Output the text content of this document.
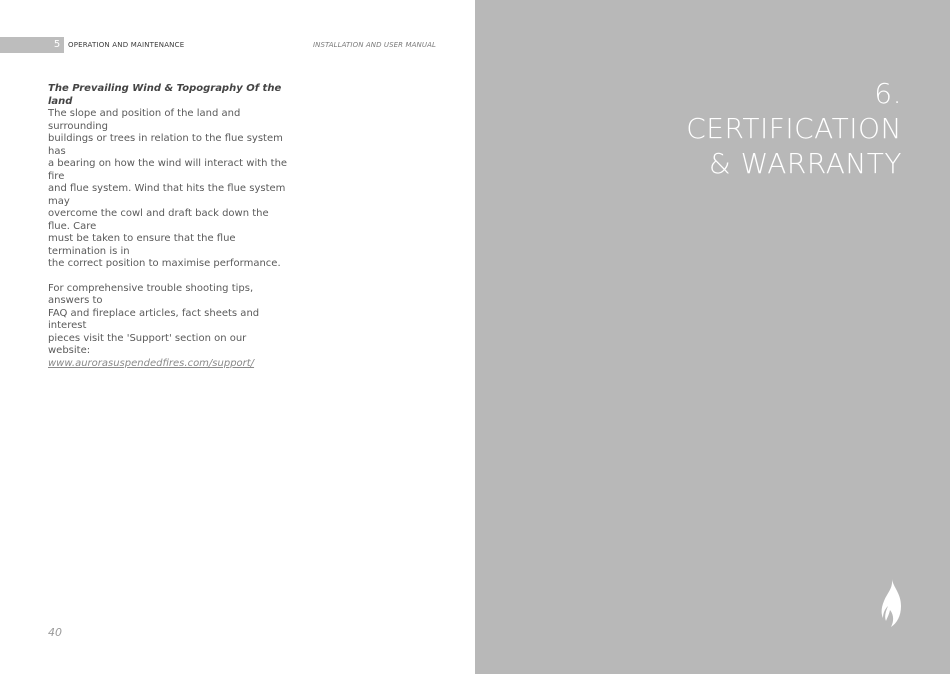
5	OPERATION AND MAINTENANCE	INSTALLATION AND USER MANUAL

The Prevailing Wind & Topography Of the land

The slope and position of the land and surrounding
buildings or trees in relation to the flue system has
a bearing on how the wind will interact with the fire
and flue system. Wind that hits the flue system may
overcome the cowl and draft back down the flue. Care
must be taken to ensure that the flue termination is in
the correct position to maximise performance.

For comprehensive trouble shooting tips, answers to
FAQ and fireplace articles, fact sheets and interest
pieces visit the 'Support' section on our website:
www.aurorasuspendedfires.com/support/

40
6.
CERTIFICATION
& WARRANTY
